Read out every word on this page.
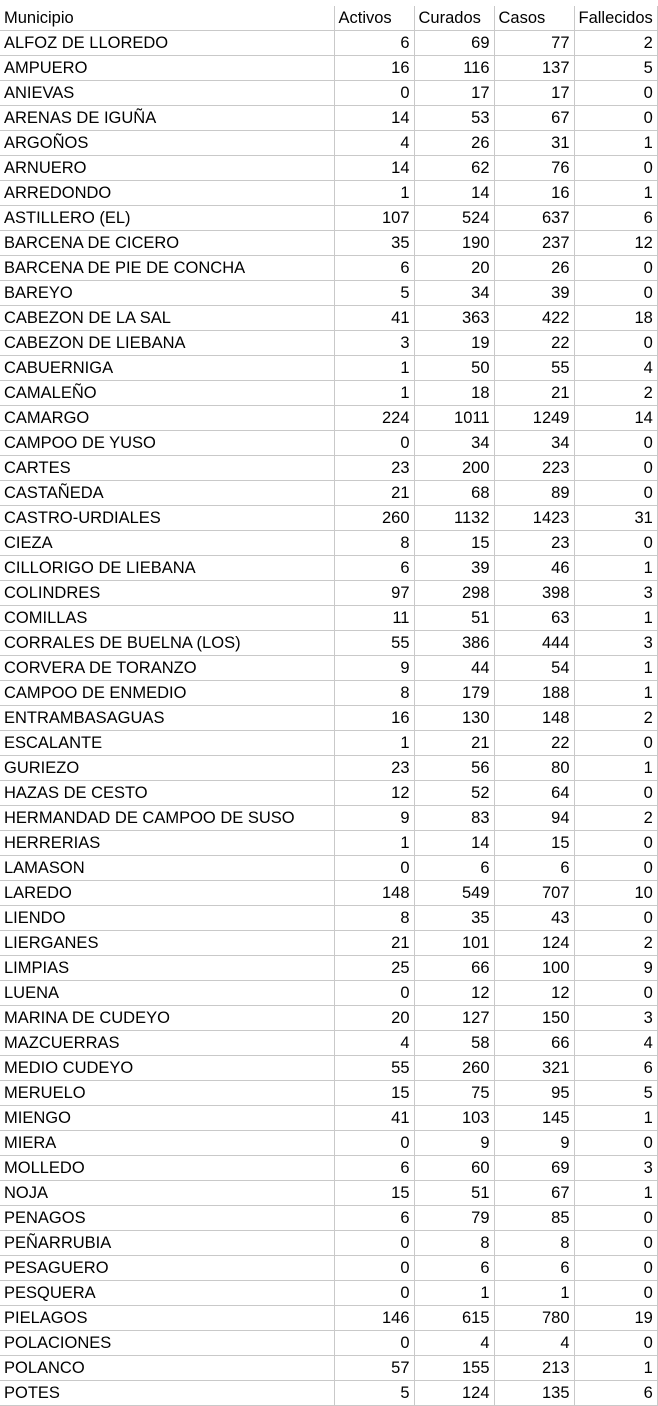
Municipio	Activos	Curados	Casos	Fallecidos
ALFOZ DE LLOREDO	6	69	77	2
AMPUERO	16	116	137	5
ANIEVAS	0	17	17	0
ARENAS DE IGUÑA	14	53	67	0
ARGOÑOS	4	26	31	1
ARNUERO	14	62	76	0
ARREDONDO	1	14	16	1
ASTILLERO (EL)	107	524	637	6
BARCENA DE CICERO	35	190	237	12
BARCENA DE PIE DE CONCHA	6	20	26	0
BAREYO	5	34	39	0
CABEZON DE LA SAL	41	363	422	18
CABEZON DE LIEBANA	3	19	22	0
CABUERNIGA	1	50	55	4
CAMALEÑO	1	18	21	2
CAMARGO	224	1011	1249	14
CAMPOO DE YUSO	0	34	34	0
CARTES	23	200	223	0
CASTAÑEDA	21	68	89	0
CASTRO-URDIALES	260	1132	1423	31
CIEZA	8	15	23	0
CILLORIGO DE LIEBANA	6	39	46	1
COLINDRES	97	298	398	3
COMILLAS	11	51	63	1
CORRALES DE BUELNA (LOS)	55	386	444	3
CORVERA DE TORANZO	9	44	54	1
CAMPOO DE ENMEDIO	8	179	188	1
ENTRAMBASAGUAS	16	130	148	2
ESCALANTE	1	21	22	0
GURIEZO	23	56	80	1
HAZAS DE CESTO	12	52	64	0
HERMANDAD DE CAMPOO DE SUSO	9	83	94	2
HERRERIAS	1	14	15	0
LAMASON	0	6	6	0
LAREDO	148	549	707	10
LIENDO	8	35	43	0
LIERGANES	21	101	124	2
LIMPIAS	25	66	100	9
LUENA	0	12	12	0
MARINA DE CUDEYO	20	127	150	3
MAZCUERRAS	4	58	66	4
MEDIO CUDEYO	55	260	321	6
MERUELO	15	75	95	5
MIENGO	41	103	145	1
MIERA	0	9	9	0
MOLLEDO	6	60	69	3
NOJA	15	51	67	1
PENAGOS	6	79	85	0
PEÑARRUBIA	0	8	8	0
PESAGUERO	0	6	6	0
PESQUERA	0	1	1	0
PIELAGOS	146	615	780	19
POLACIONES	0	4	4	0
POLANCO	57	155	213	1
POTES	5	124	135	6
